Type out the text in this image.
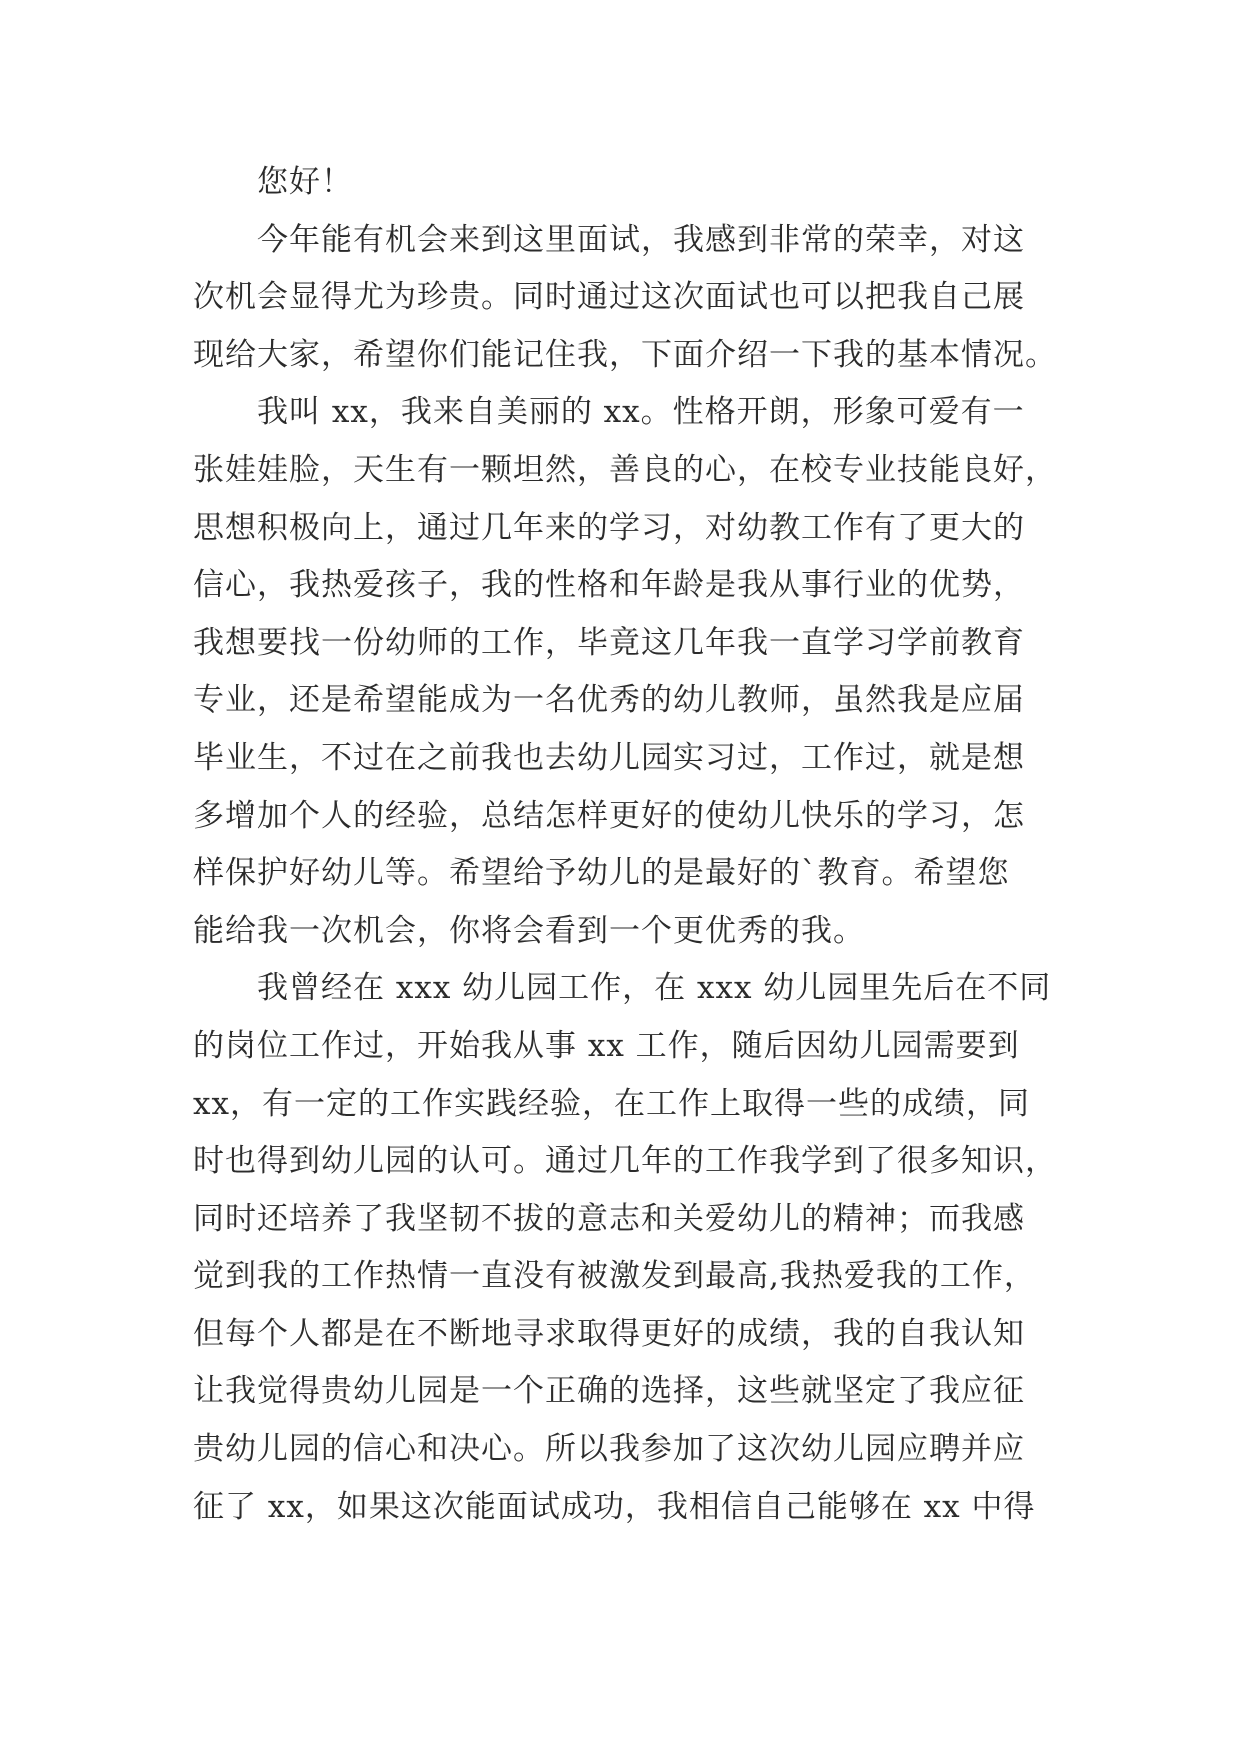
您好！
今年能有机会来到这里面试，我感到非常的荣幸，对这
次机会显得尤为珍贵。同时通过这次面试也可以把我自己展
现给大家，希望你们能记住我，下面介绍一下我的基本情况。
我叫 xx，我来自美丽的 xx。性格开朗，形象可爱有一
张娃娃脸，天生有一颗坦然，善良的心，在校专业技能良好，
思想积极向上，通过几年来的学习，对幼教工作有了更大的
信心，我热爱孩子，我的性格和年龄是我从事行业的优势，
我想要找一份幼师的工作，毕竟这几年我一直学习学前教育
专业，还是希望能成为一名优秀的幼儿教师，虽然我是应届
毕业生，不过在之前我也去幼儿园实习过，工作过，就是想
多增加个人的经验，总结怎样更好的使幼儿快乐的学习，怎
样保护好幼儿等。希望给予幼儿的是最好的`教育。希望您
能给我一次机会，你将会看到一个更优秀的我。
我曾经在 xxx 幼儿园工作，在 xxx 幼儿园里先后在不同
的岗位工作过，开始我从事 xx 工作，随后因幼儿园需要到
xx，有一定的工作实践经验，在工作上取得一些的成绩，同
时也得到幼儿园的认可。通过几年的工作我学到了很多知识，
同时还培养了我坚韧不拔的意志和关爱幼儿的精神；而我感
觉到我的工作热情一直没有被激发到最高,我热爱我的工作，
但每个人都是在不断地寻求取得更好的成绩，我的自我认知
让我觉得贵幼儿园是一个正确的选择，这些就坚定了我应征
贵幼儿园的信心和决心。所以我参加了这次幼儿园应聘并应
征了 xx，如果这次能面试成功，我相信自己能够在 xx 中得
